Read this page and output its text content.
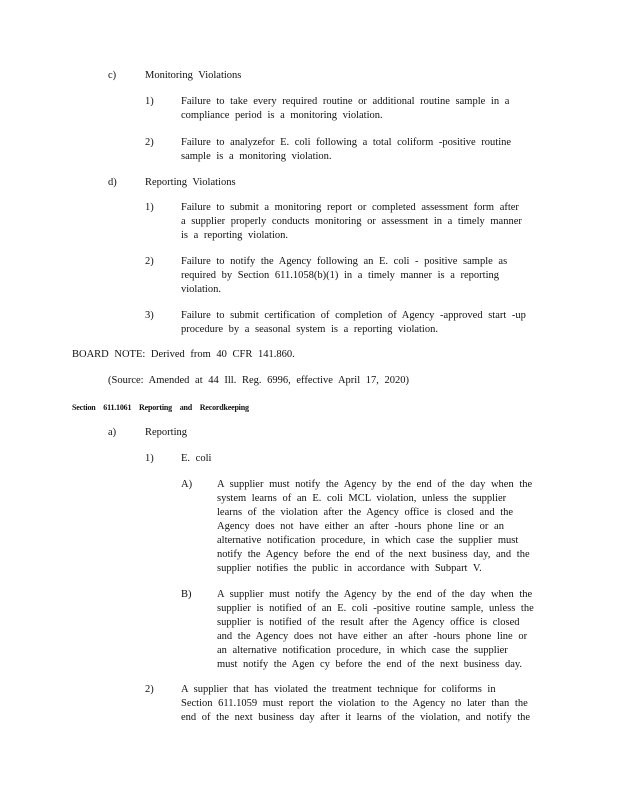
c)	Monitoring Violations
1)	Failure to take every required routine or additional routine sample in a
compliance period is a monitoring violation.
2)	Failure to analyzefor E. coli following a total coliform -positive routine
sample is a monitoring violation.
d)	Reporting Violations
1)	Failure to submit a monitoring report or completed assessment form after
a supplier properly conducts monitoring or assessment in a timely manner
is a reporting violation.
2)	Failure to notify the Agency following an E. coli - positive sample as
required by Section 611.1058(b)(1) in a timely manner is a reporting
violation.
3)	Failure to submit certification of completion of Agency -approved start -up
procedure by a seasonal system is a reporting violation.
BOARD NOTE: Derived from 40 CFR 141.860.
(Source: Amended at 44 Ill. Reg. 6996, effective April 17, 2020)
Section 611.1061 Reporting and Recordkeeping
a)	Reporting
1)	E. coli
A) A supplier must notify the Agency by the end of the day when the
system learns of an E. coli MCL violation, unless the supplier
learns of the violation after the Agency office is closed and the
Agency does not have either an after -hours phone line or an
alternative notification procedure, in which case the supplier must
notify the Agency before the end of the next business day, and the
supplier notifies the public in accordance with Subpart V.
B) A supplier must notify the Agency by the end of the day when the
supplier is notified of an E. coli -positive routine sample, unless the
supplier is notified of the result after the Agency office is closed
and the Agency does not have either an after -hours phone line or
an alternative notification procedure, in which case the supplier
must notify the Agen cy before the end of the next business day.
2)	A supplier that has violated the treatment technique for coliforms in
Section 611.1059 must report the violation to the Agency no later than the
end of the next business day after it learns of the violation, and notify the
